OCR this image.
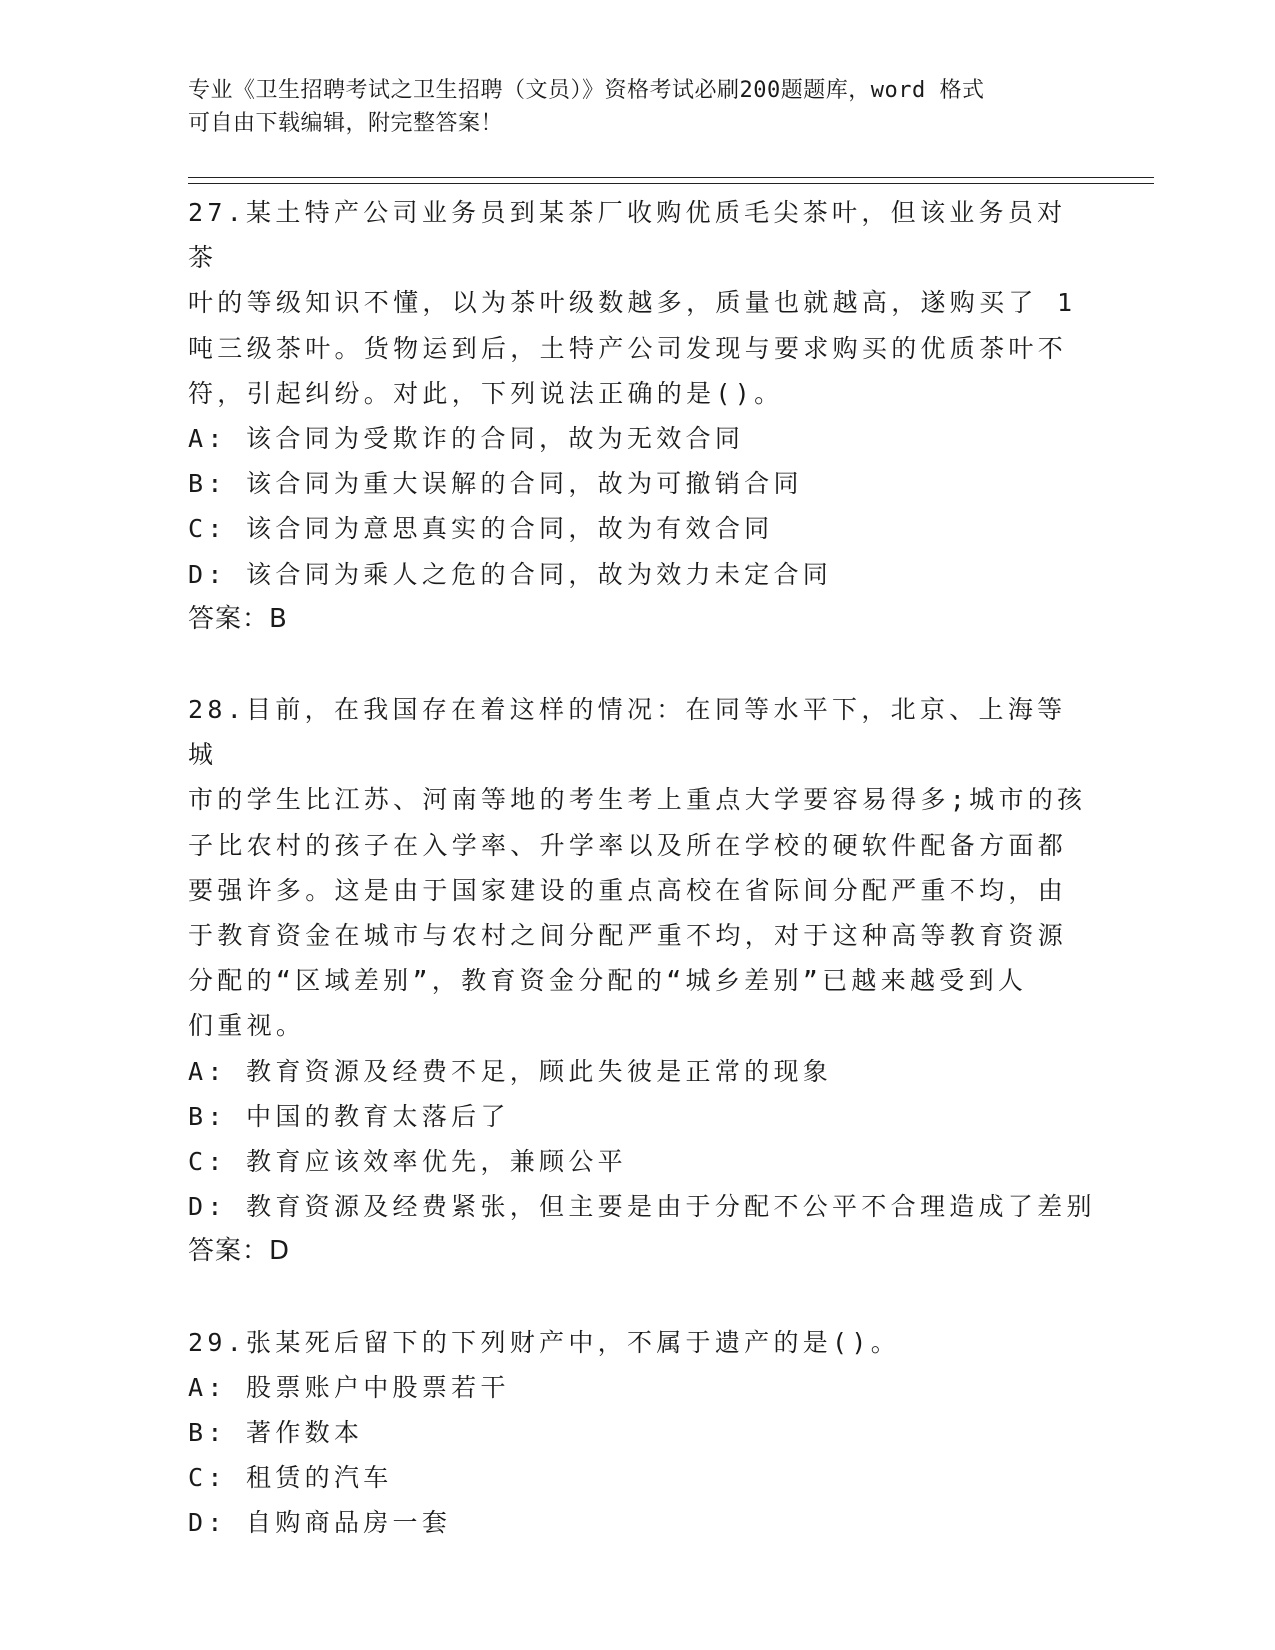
专业《卫生招聘考试之卫生招聘（文员）》资格考试必刷200题题库，word 格式
可自由下载编辑，附完整答案！
27.某土特产公司业务员到某茶厂收购优质毛尖茶叶，但该业务员对茶
叶的等级知识不懂，以为茶叶级数越多，质量也就越高，遂购买了 1
吨三级茶叶。货物运到后，土特产公司发现与要求购买的优质茶叶不
符，引起纠纷。对此，下列说法正确的是()。
A: 该合同为受欺诈的合同，故为无效合同
B: 该合同为重大误解的合同，故为可撤销合同
C: 该合同为意思真实的合同，故为有效合同
D: 该合同为乘人之危的合同，故为效力未定合同
答案：B
28.目前，在我国存在着这样的情况：在同等水平下，北京、上海等城
市的学生比江苏、河南等地的考生考上重点大学要容易得多;城市的孩
子比农村的孩子在入学率、升学率以及所在学校的硬软件配备方面都
要强许多。这是由于国家建设的重点高校在省际间分配严重不均，由
于教育资金在城市与农村之间分配严重不均，对于这种高等教育资源
分配的“区域差别”，教育资金分配的“城乡差别”已越来越受到人
们重视。
A: 教育资源及经费不足，顾此失彼是正常的现象
B: 中国的教育太落后了
C: 教育应该效率优先，兼顾公平
D: 教育资源及经费紧张，但主要是由于分配不公平不合理造成了差别
答案：D
29.张某死后留下的下列财产中，不属于遗产的是()。
A: 股票账户中股票若干
B: 著作数本
C: 租赁的汽车
D: 自购商品房一套
